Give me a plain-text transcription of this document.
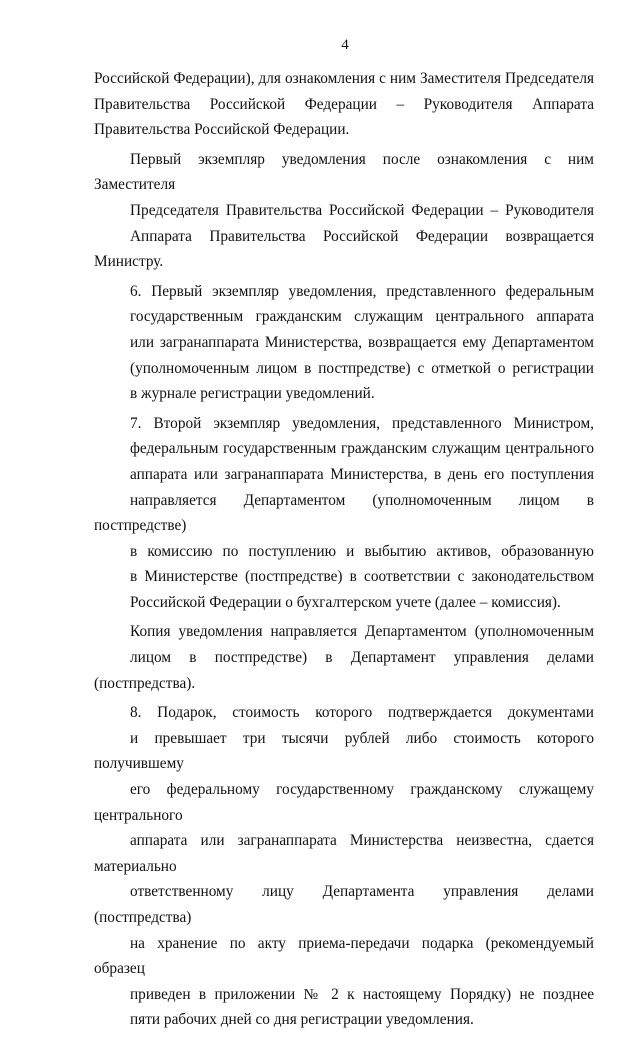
4

Российской Федерации), для ознакомления с ним Заместителя Председателя
Правительства Российской Федерации – Руководителя Аппарата
Правительства Российской Федерации.

Первый экземпляр уведомления после ознакомления с ним Заместителя
Председателя Правительства Российской Федерации – Руководителя
Аппарата Правительства Российской Федерации возвращается Министру.

6. Первый экземпляр уведомления, представленного федеральным
государственным гражданским служащим центрального аппарата
или загранаппарата Министерства, возвращается ему Департаментом
(уполномоченным лицом в постпредстве) с отметкой о регистрации
в журнале регистрации уведомлений.

7. Второй экземпляр уведомления, представленного Министром,
федеральным государственным гражданским служащим центрального
аппарата или загранаппарата Министерства, в день его поступления
направляется Департаментом (уполномоченным лицом в постпредстве)
в комиссию по поступлению и выбытию активов, образованную
в Министерстве (постпредстве) в соответствии с законодательством
Российской Федерации о бухгалтерском учете (далее – комиссия).

Копия уведомления направляется Департаментом (уполномоченным
лицом в постпредстве) в Департамент управления делами (постпредства).

8. Подарок, стоимость которого подтверждается документами
и превышает три тысячи рублей либо стоимость которого получившему
его федеральному государственному гражданскому служащему центрального
аппарата или загранаппарата Министерства неизвестна, сдается материально
ответственному лицу Департамента управления делами (постпредства)
на хранение по акту приема-передачи подарка (рекомендуемый образец
приведен в приложении № 2 к настоящему Порядку) не позднее
пяти рабочих дней со дня регистрации уведомления.
